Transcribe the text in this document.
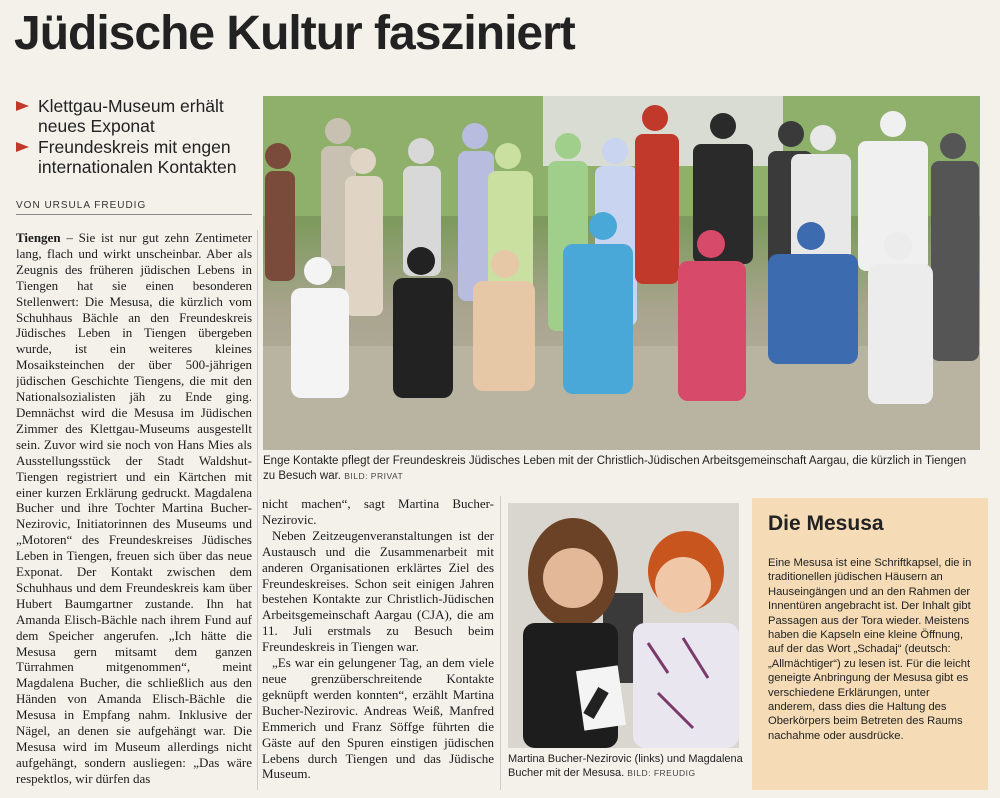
Jüdische Kultur fasziniert
Klettgau-Museum erhält neues Exponat
Freundeskreis mit engen internationalen Kontakten
VON URSULA FREUDIG

Tiengen – Sie ist nur gut zehn Zentimeter lang, flach und wirkt unscheinbar. Aber als Zeugnis des früheren jüdischen Lebens in Tiengen hat sie einen besonderen Stellenwert: Die Mesusa, die kürzlich vom Schuhhaus Bächle an den Freundeskreis Jüdisches Leben in Tiengen übergeben wurde, ist ein weiteres kleines Mosaiksteinchen der über 500-jährigen jüdischen Geschichte Tiengens, die mit den Nationalsozialisten jäh zu Ende ging. Demnächst wird die Mesusa im Jüdischen Zimmer des Klettgau-Museums ausgestellt sein. Zuvor wird sie noch von Hans Mies als Ausstellungsstück der Stadt Waldshut-Tiengen registriert und ein Kärtchen mit einer kurzen Erklärung gedruckt. Magdalena Bucher und ihre Tochter Martina Bucher-Nezirovic, Initiatorinnen des Museums und „Motoren“ des Freundeskreises Jüdisches Leben in Tiengen, freuen sich über das neue Exponat. Der Kontakt zwischen dem Schuhhaus und dem Freundeskreis kam über Hubert Baumgartner zustande. Ihn hat Amanda Elisch-Bächle nach ihrem Fund auf dem Speicher angerufen. „Ich hätte die Mesusa gern mitsamt dem ganzen Türrahmen mitgenommen“, meint Magdalena Bucher, die schließlich aus den Händen von Amanda Elisch-Bächle die Mesusa in Empfang nahm. Inklusive der Nägel, an denen sie aufgehängt war. Die Mesusa wird im Museum allerdings nicht aufgehängt, sondern ausliegen: „Das wäre respektlos, wir dürfen das

Enge Kontakte pflegt der Freundeskreis Jüdisches Leben mit der Christlich-Jüdischen Arbeitsgemeinschaft Aargau, die kürzlich in Tiengen zu Besuch war. BILD: PRIVAT

nicht machen“, sagt Martina Bucher-Nezirovic.

Neben Zeitzeugenveranstaltungen ist der Austausch und die Zusammenarbeit mit anderen Organisationen erklärtes Ziel des Freundeskreises. Schon seit einigen Jahren bestehen Kontakte zur Christlich-Jüdischen Arbeitsgemeinschaft Aargau (CJA), die am 11. Juli erstmals zu Besuch beim Freundeskreis in Tiengen war.

„Es war ein gelungener Tag, an dem viele neue grenzüberschreitende Kontakte geknüpft werden konnten“, erzählt Martina Bucher-Nezirovic. Andreas Weiß, Manfred Emmerich und Franz Söffge führten die Gäste auf den Spuren einstigen jüdischen Lebens durch Tiengen und das Jüdische Museum.

Martina Bucher-Nezirovic (links) und Magdalena Bucher mit der Mesusa. BILD: FREUDIG
Die Mesusa
Eine Mesusa ist eine Schriftkapsel, die in traditionellen jüdischen Häusern an Hauseingängen und an den Rahmen der Innentüren angebracht ist. Der Inhalt gibt Passagen aus der Tora wieder. Meistens haben die Kapseln eine kleine Öffnung, auf der das Wort „Schadaj“ (deutsch: „Allmächtiger“) zu lesen ist. Für die leicht geneigte Anbringung der Mesusa gibt es verschiedene Erklärungen, unter anderem, dass dies die Haltung des Oberkörpers beim Betreten des Raums nachahme oder ausdrücke.
